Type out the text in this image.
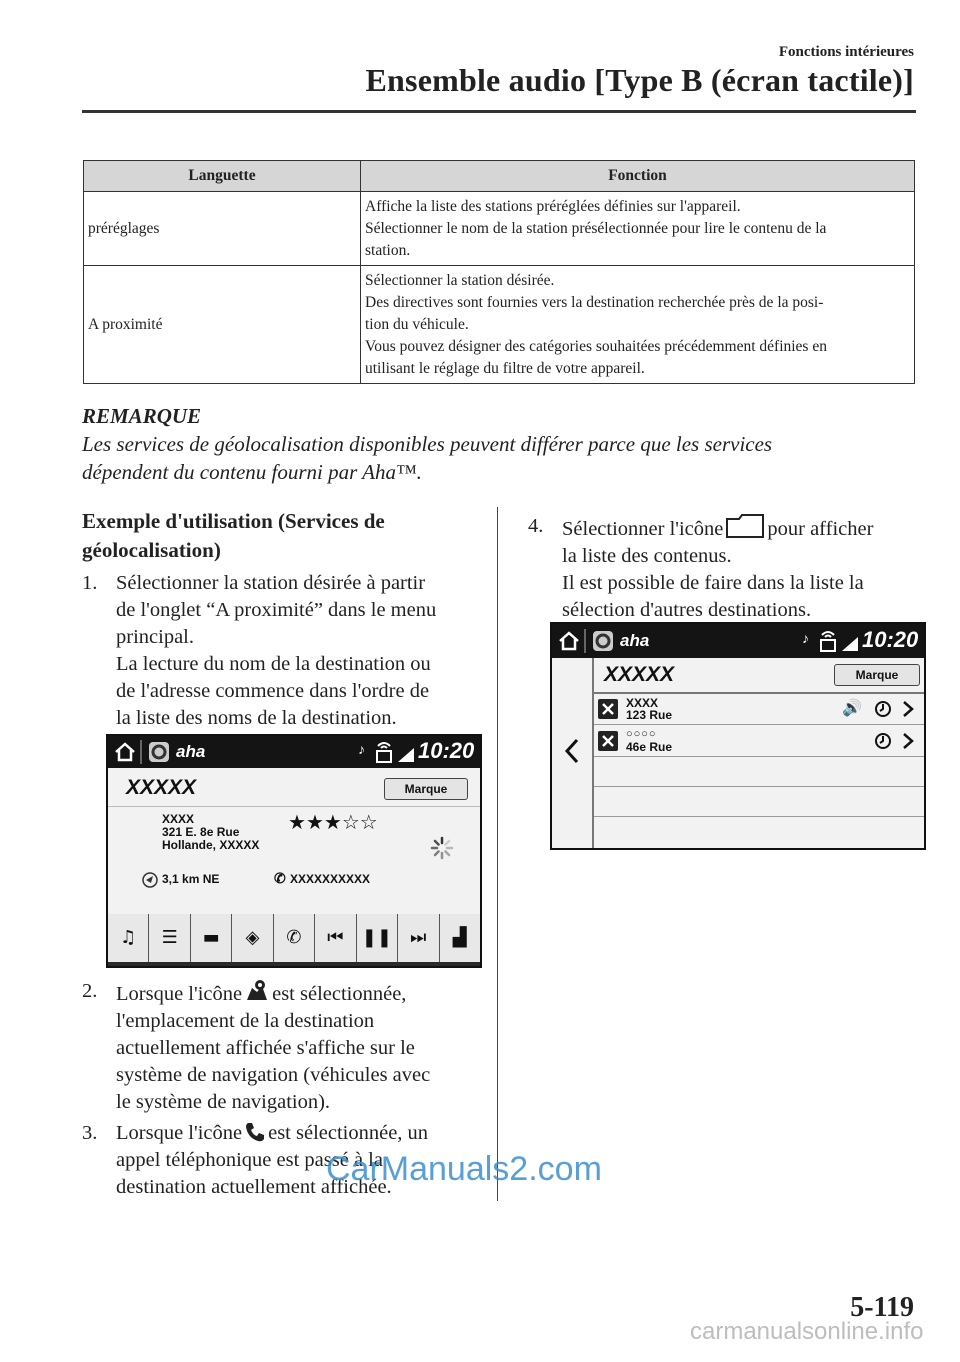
Fonctions intérieures
Ensemble audio [Type B (écran tactile)]
Languette	Fonction
préréglages	Affiche la liste des stations préréglées définies sur l'appareil.
Sélectionner le nom de la station présélectionnée pour lire le contenu de la
station.

A proximité	Sélectionner la station désirée.
Des directives sont fournies vers la destination recherchée près de la posi-
tion du véhicule.
Vous pouvez désigner des catégories souhaitées précédemment définies en
utilisant le réglage du filtre de votre appareil.
REMARQUE
Les services de géolocalisation disponibles peuvent différer parce que les services
dépendent du contenu fourni par Aha™.
Exemple d'utilisation (Services de
géolocalisation)
1. Sélectionner la station désirée à partir
de l'onglet “A proximité” dans le menu
principal.
La lecture du nom de la destination ou
de l'adresse commence dans l'ordre de
la liste des noms de la destination.
aha	♪ 10:20
XXXXX	Marque
XXXX
321 E. 8e Rue
Hollande, XXXXX
★★★☆☆
3,1 km NE	✆ XXXXXXXXXX
♫	☰	▬	◈	✆	⏮	❚❚	⏭	▟
2. Lorsque l'icône est sélectionnée,
l'emplacement de la destination
actuellement affichée s'affiche sur le
système de navigation (véhicules avec
le système de navigation).
3. Lorsque l'icône est sélectionnée, un
appel téléphonique est passé à la
destination actuellement affichée.
4. Sélectionner l'icône pour afficher
la liste des contenus.
Il est possible de faire dans la liste la
sélection d'autres destinations.
aha	♪ 10:20
XXXXX	Marque
XXXX
123 Rue	🔊
○○○○
46e Rue
5-119
CarManuals2.com
carmanualsonline.info
